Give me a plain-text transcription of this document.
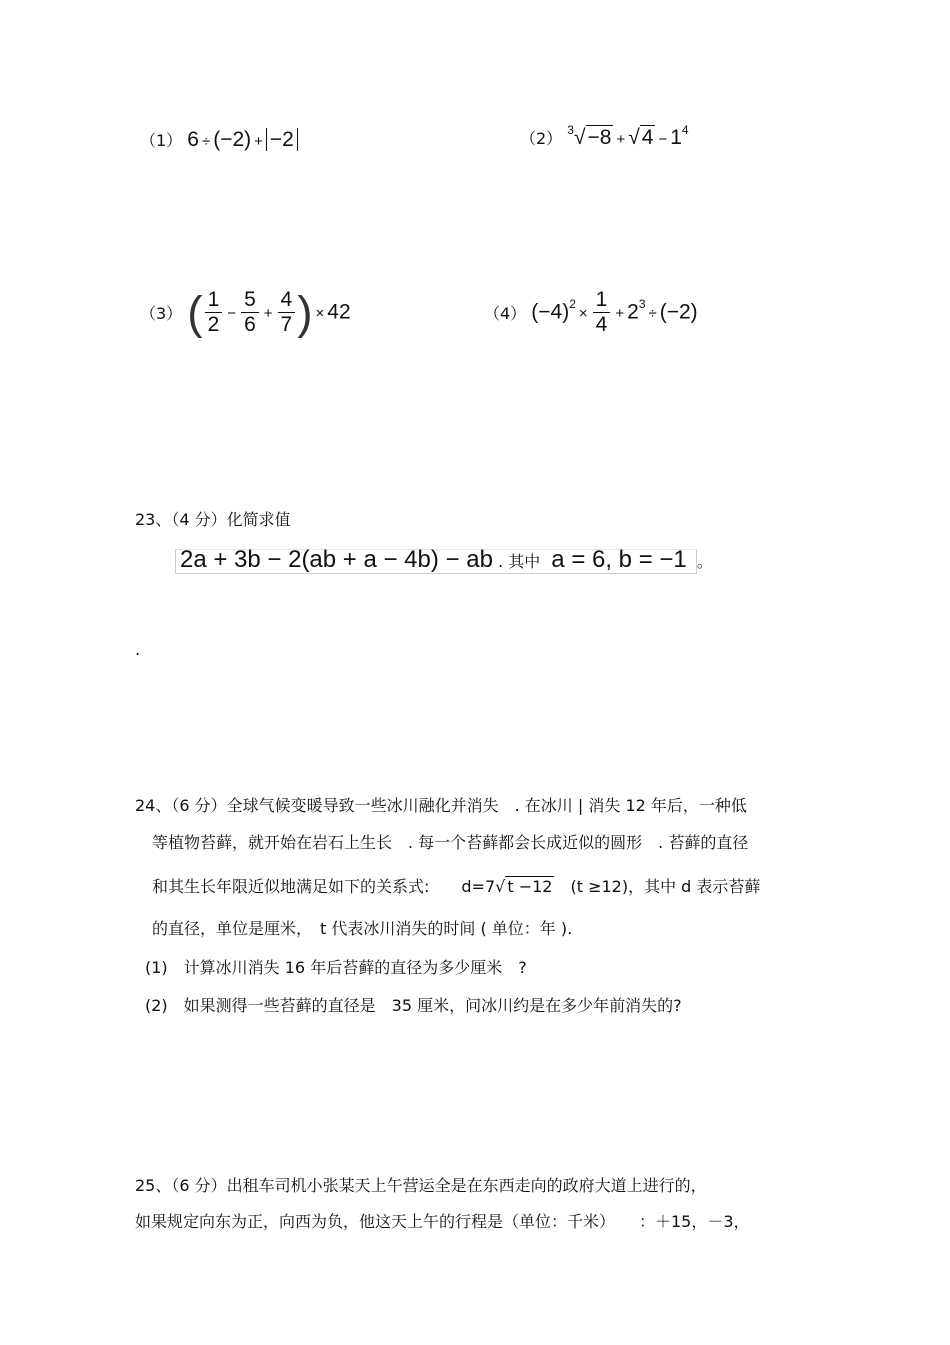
（1） 6 ÷ (−2) + −2	（2） $^3√-8 + √4 - 1^4$
（3） ( $\frac{1}{2} - \frac{5}{6} + \frac{4}{7}$ ) × 42	（4） $(-4)^2\times \frac{1}{4} + 2^3\div (-2)$
23、（4 分）化简求值
2a + 3b − 2(ab + a − 4b) − ab . 其中 a = 6, b = −1 。
.
24、（6 分）全球气候变暖导致一些冰川融化并消失　. 在冰川 | 消失 12 年后，一种低
等植物苔藓，就开始在岩石上生长　. 每一个苔藓都会长成近似的圆形　. 苔藓的直径
和其生长年限近似地满足如下的关系式:　　d=7√ t −12　(t ≥12)，其中 d 表示苔藓
的直径，单位是厘米，　t 代表冰川消失的时间 ( 单位：年 ).
(1)　计算冰川消失 16 年后苔藓的直径为多少厘米　?
(2)　如果测得一些苔藓的直径是　35 厘米，问冰川约是在多少年前消失的?
25、（6 分）出租车司机小张某天上午营运全是在东西走向的政府大道上进行的，
如果规定向东为正，向西为负，他这天上午的行程是（单位：千米）　　：＋15，－3，
